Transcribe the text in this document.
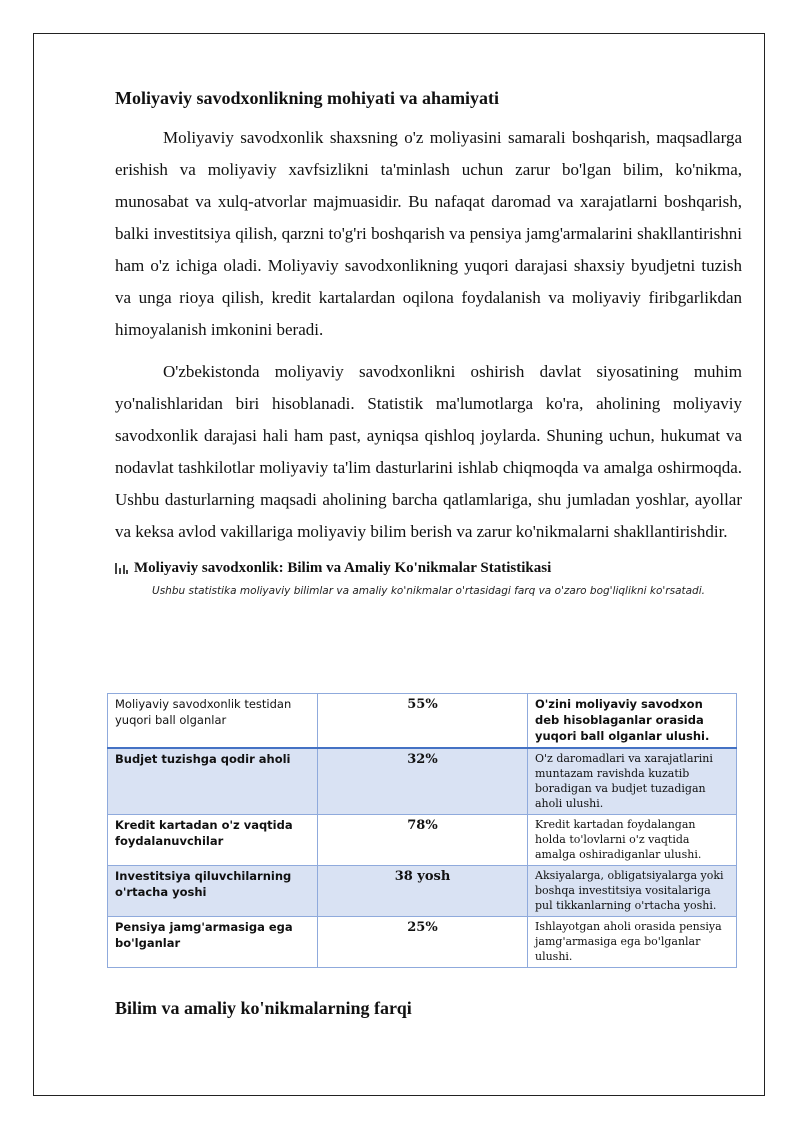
Moliyaviy savodxonlikning mohiyati va ahamiyati

Moliyaviy savodxonlik shaxsning o'z moliyasini samarali boshqarish, maqsadlarga erishish va moliyaviy xavfsizlikni ta'minlash uchun zarur bo'lgan bilim, ko'nikma, munosabat va xulq-atvorlar majmuasidir. Bu nafaqat daromad va xarajatlarni boshqarish, balki investitsiya qilish, qarzni to'g'ri boshqarish va pensiya jamg'armalarini shakllantirishni ham o'z ichiga oladi. Moliyaviy savodxonlikning yuqori darajasi shaxsiy byudjetni tuzish va unga rioya qilish, kredit kartalardan oqilona foydalanish va moliyaviy firibgarlikdan himoyalanish imkonini beradi.

O'zbekistonda moliyaviy savodxonlikni oshirish davlat siyosatining muhim yo'nalishlaridan biri hisoblanadi. Statistik ma'lumotlarga ko'ra, aholining moliyaviy savodxonlik darajasi hali ham past, ayniqsa qishloq joylarda. Shuning uchun, hukumat va nodavlat tashkilotlar moliyaviy ta'lim dasturlarini ishlab chiqmoqda va amalga oshirmoqda. Ushbu dasturlarning maqsadi aholining barcha qatlamlariga, shu jumladan yoshlar, ayollar va keksa avlod vakillariga moliyaviy bilim berish va zarur ko'nikmalarni shakllantirishdir.

Moliyaviy savodxonlik: Bilim va Amaliy Ko'nikmalar Statistikasi
Ushbu statistika moliyaviy bilimlar va amaliy ko'nikmalar o'rtasidagi farq va o'zaro bog'liqlikni ko'rsatadi.
Moliyaviy savodxonlik testidan yuqori ball olganlar	55%	O'zini moliyaviy savodxon deb hisoblaganlar orasida yuqori ball olganlar ulushi.
Budjet tuzishga qodir aholi	32%	O'z daromadlari va xarajatlarini muntazam ravishda kuzatib boradigan va budjet tuzadigan aholi ulushi.
Kredit kartadan o'z vaqtida foydalanuvchilar	78%	Kredit kartadan foydalangan holda to'lovlarni o'z vaqtida amalga oshiradiganlar ulushi.
Investitsiya qiluvchilarning o'rtacha yoshi	38 yosh	Aksiyalarga, obligatsiyalarga yoki boshqa investitsiya vositalariga pul tikkanlarning o'rtacha yoshi.
Pensiya jamg'armasiga ega bo'lganlar	25%	Ishlayotgan aholi orasida pensiya jamg'armasiga ega bo'lganlar ulushi.
Bilim va amaliy ko'nikmalarning farqi
